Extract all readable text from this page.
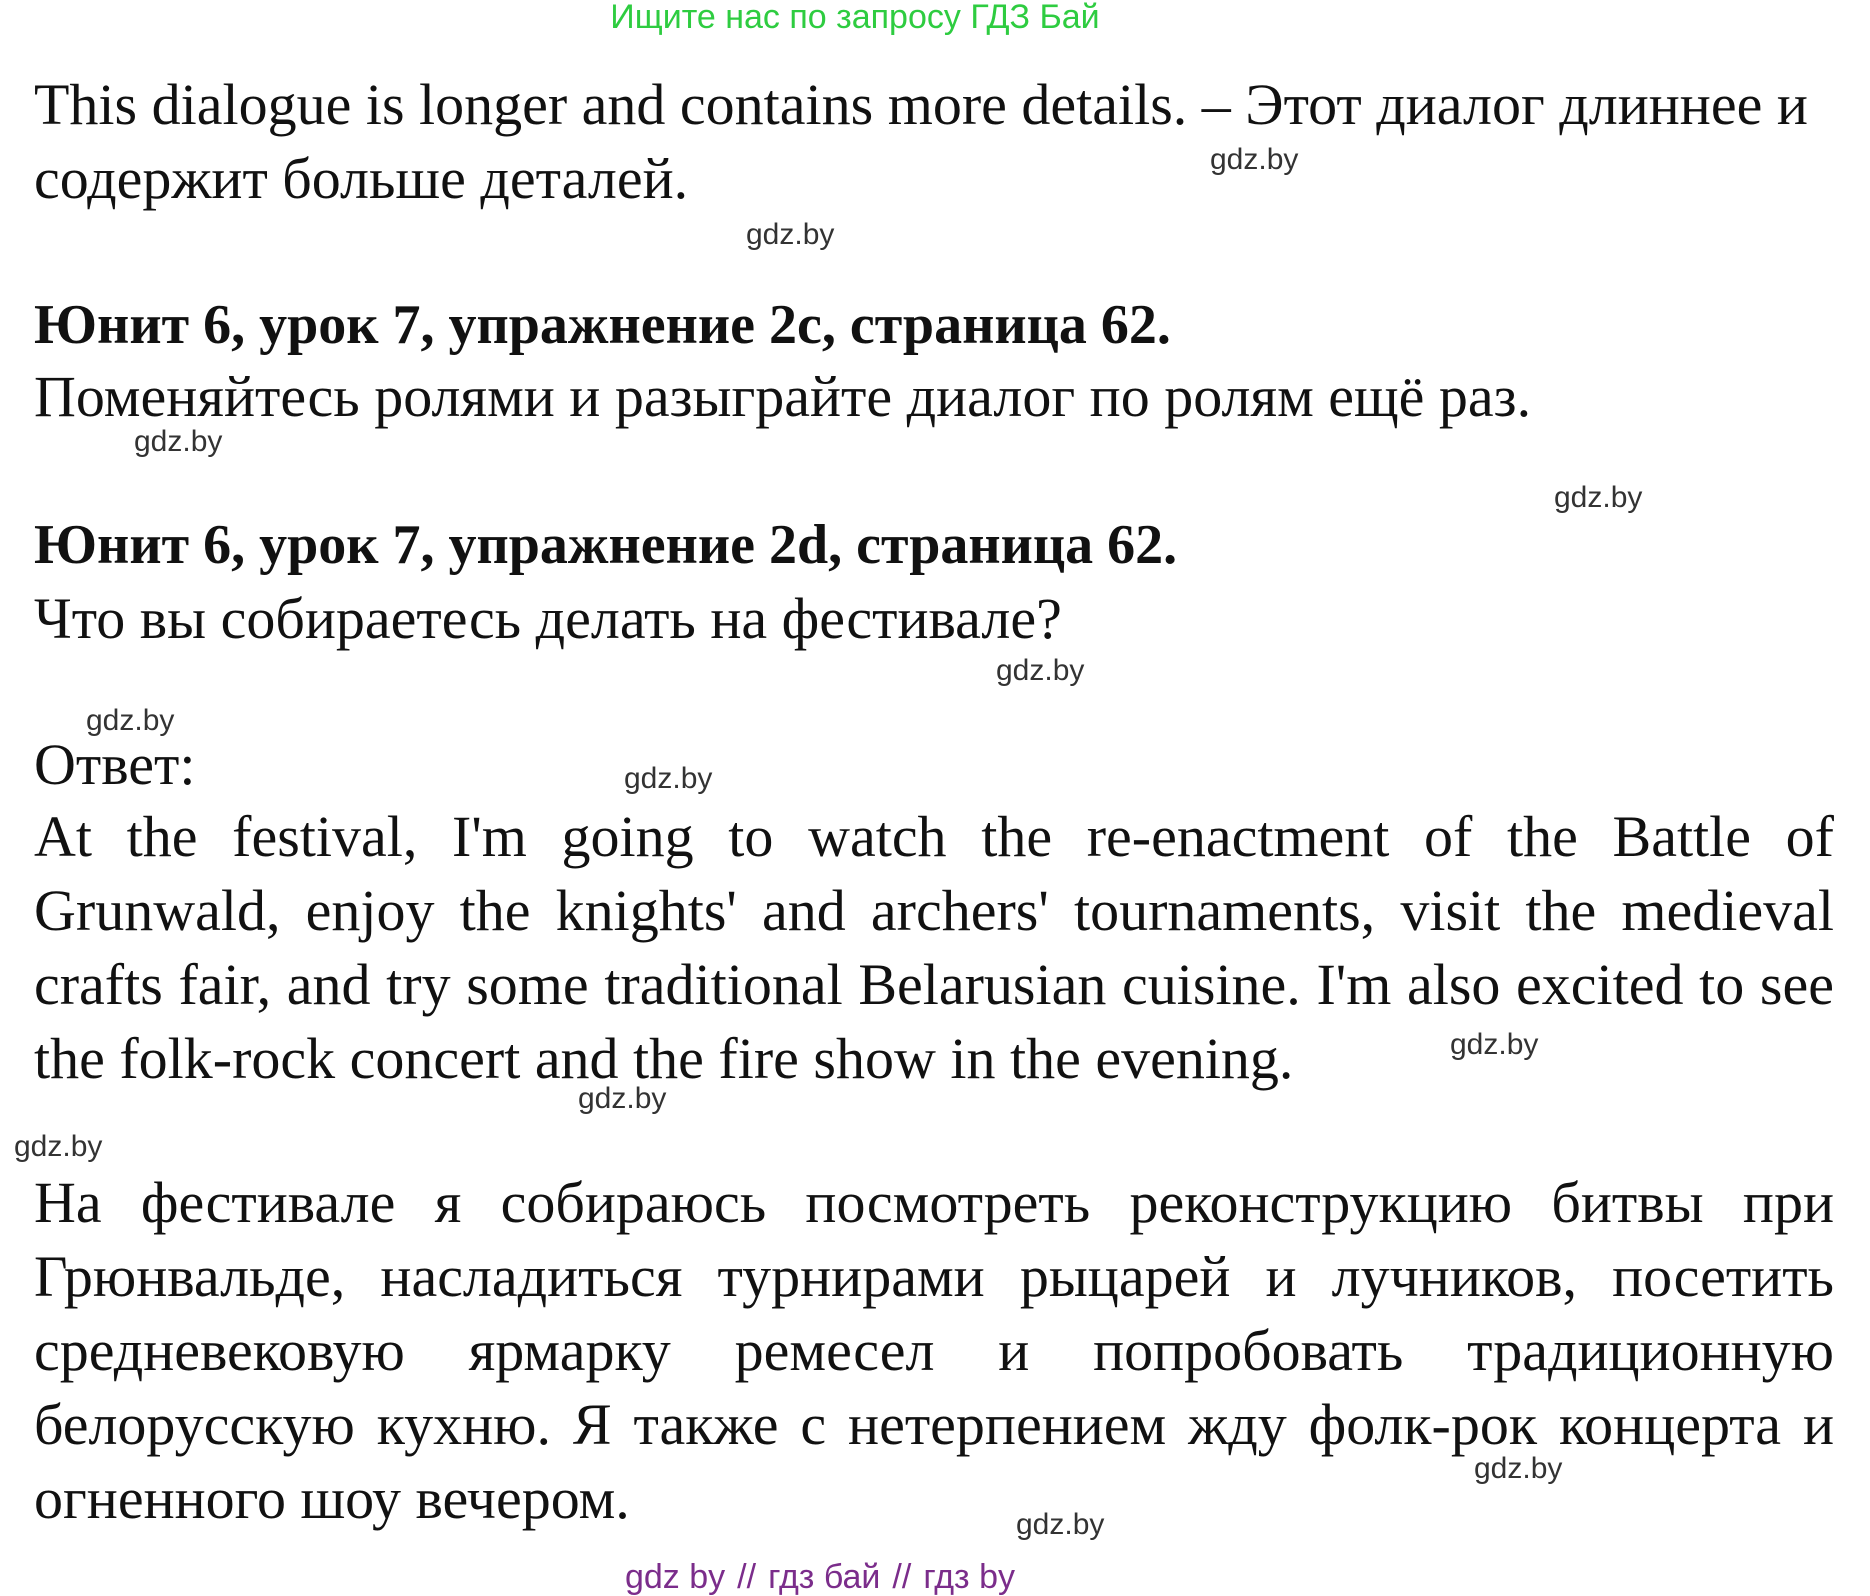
Ищите нас по запросу ГДЗ Бай
This dialogue is longer and contains more details. – Этот диалог длиннее и
содержит больше деталей.
Юнит 6, урок 7, упражнение 2c, страница 62.
Поменяйтесь ролями и разыграйте диалог по ролям ещё раз.
Юнит 6, урок 7, упражнение 2d, страница 62.
Что вы собираетесь делать на фестивале?
Ответ:
At the festival, I'm going to watch the re-enactment of the Battle of Grunwald, enjoy the knights' and archers' tournaments, visit the medieval crafts fair, and try some traditional Belarusian cuisine. I'm also excited to see the folk-rock concert and the fire show in the evening.
На фестивале я собираюсь посмотреть реконструкцию битвы при Грюнвальде, насладиться турнирами рыцарей и лучников, посетить средневековую ярмарку ремесел и попробовать традиционную белорусскую кухню. Я также с нетерпением жду фолк-рок концерта и огненного шоу вечером.
gdz.by
gdz.by
gdz.by
gdz.by
gdz.by
gdz.by
gdz.by
gdz.by
gdz.by
gdz.by
gdz.by
gdz.by
gdz by // гдз бай // гдз by
